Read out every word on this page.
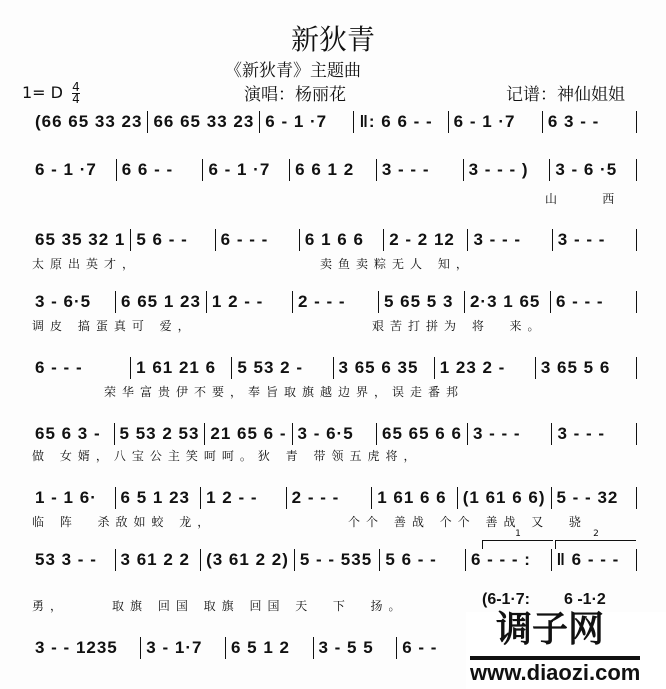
新狄青
《新狄青》主题曲
1= D $\frac{4}{4}$	演唱：杨丽花	记谱：神仙姐姐
(66 65 33 23 66 65 33 23 6 - 1 ·7	‖: 6 6 - -	6 - 1 ·7	6 3 - -
6 - 1 ·7	6 6 - -	6 - 1 ·7	6 6 1 2	3 - - -	3 - - - )	3 - 6 ·5
山    西
65 35 32 1 5 6 - -	6 - - -	6 1 6 6	2 - 2 12	3 - - -	3 - - -
太原出英才，	卖鱼卖粽无人 知，
3 - 6·5	6 65 1 23 1 2 - -	2 - - -	5 65 5 3 2·3 1 65 6 - - -
调皮 搞蛋真可 爱，	艰苦打拼为 将  来。
6 - - -	1 61 21 6	5 53 2 -	3 65 6 35	1 23 2 -	3 65 5 6
荣华富贵伊不要，奉旨取旗越边界，误走番邦
65 6 3 -	5 53 2 53 21 65 6 - 3 - 6·5	65 65 6 6 3 - - -	3 - - -
做 女婿，八宝公主笑呵呵。狄 青 带领五虎将，
1 - 1 6·	6 5 1 23 1 2 - -	2 - - -	1 61 6 6 (1 61 6 6) 5 - - 32
临 阵  杀敌如蛟 龙，	个个 善战 个个 善战 又  骁
53 3 - -	3 61 2 2 (3 61 2 2) 5 - - 535 5 6 - -	6 - - - :	‖ 6 - - -
勇，	取旗 回国 取旗 回国 天  下  扬。
1	2
(6-1·7: 6 -1·2
3 - - 1235	3 - 1·7	6 5 1 2	3 - 5 5	6 - -	调子网
www.diaozi.com
